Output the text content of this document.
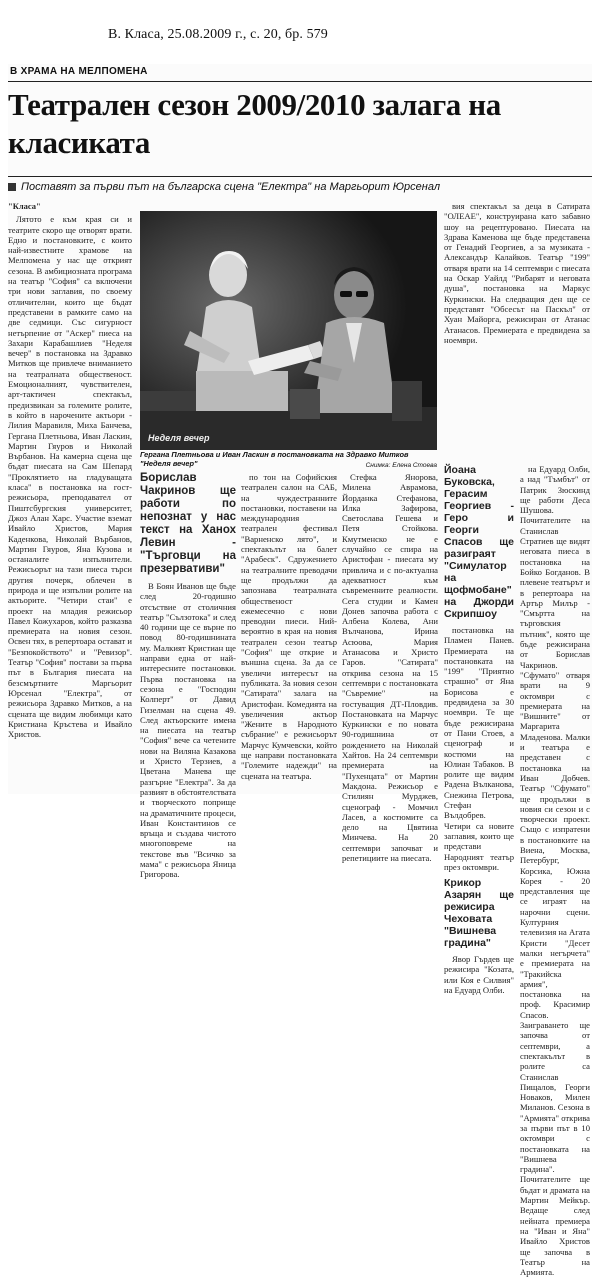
В. Класа, 25.08.2009 г., с. 20, бр. 579
В ХРАМА НА МЕЛПОМЕНА
Театрален сезон 2009/2010 залага на класиката
Поставят за първи път на българска сцена "Електра" на Маргьорит Юрсенал
"Класа"

Лятото е към края си и театрите скоро ще отворят врати. Едно и постановките, с които най-известните храмове на Мелпомена у нас ще открият сезона. В амбициозната програма на театър "София" са включени три нови заглавия, по своему отличителни, които ще бъдат представени в рамките само на две седмици. Със сигурност нетърпение от "Аскер" пиеса на Захари Карабашлиев "Неделя вечер" в постановка на Здравко Митков ще привлече вниманието на театралната общественост. Емоционалният, чувствителен, арт-тактичен спектакъл, предизвикан за големите ролите, в който в нарочените актьори - Лилия Маравиля, Миха Банчева, Гергана Плетньова, Иван Ласкин, Мартин Гяуров и Николай Върбанов. На камерна сцена ще бъдат пиесата на Сам Шепард "Проклятието на гладуващата класа" в постановка на гост-режисьора, преподавател от Пиштсбургския университет, Джоз Алан Харс. Участие вземат Ивайло Христов, Мария Каденкова, Николай Върбанов, Мартин Гяуров, Яна Кузова и останалите изпълнители. Режисьорът на тази пиеса търси другия почерк, облечен в природа и ще изпълни ролите на актьорите. "Четири стаи" е проект на младия режисьор Павел Кожухаров, който разказва премиерата на новия сезон. Освен тях, в репертоара остават и "Безпокойството" и "Ревизор". Театър "София" постави за първа път в България пиесата на безсмъртните Маргьорит Юрсенал "Електра", от режисьора Здравко Митков, а на сцената ще видим любимци като Кристиана Кръстева и Ивайло Христов.

Неделя вечер
Гергана Плетньова и Иван Ласкин в постановката на Здравко Митков "Неделя вечер"	Снимка: Елена Стоева
Борислав Чакринов ще работи по непознат у нас текст на Ханох Левин - "Търговци на презервативи"

В Боян Иванов ще бъде след 20-годишно отсъствие от столичния театър "Сълзотока" и след 40 години ще се върне по повод 80-годишнината му. Малкият Кристиан ще направи една от най-интересните постановки. Първа постановка на сезона е "Господин Колперт" от Давид Гизелман на сцена 49. След актьорските имена на пиесата на театър "София" вече са четените нови на Виляна Казакова и Христо Терзиев, а Цветана Манева ще разгърне "Електра". За да развият в обстоятелствата и творческото поприще на драматичните процеси, Иван Константинов се връща и създава чистото многоповреме на текстове във "Всичко за мама" с режисьора Яница Григорова.

по тон на Софийския театрален салон на САБ, на чуждестранните постановки, поставени на международния театрален фестивал "Варненско лято", и спектакълът на балет "Арабеск". Сдружението на театралните преводачи ще продължи да запознава театралната общественост ежемесечно с нови преводни пиеси. Ний-вероятно в края на новия театрален сезон театър "София" ще открие и външна сцена. За да се увеличи интересът на публиката. За новия сезон "Сатирата" залага на Аристофан. Комедията на увеличения актьор "Жените в Народното събрание" е режисьорът Марчус Кумчевски, който ще направи постановката "Големите надежди" на сцената на театъра.

Стефка Янорова, Милена Аврамова, Йорданка Стефанова, Илка Зафирова, Светослава Гешева и Петя Стойкова. Кмутменско не е случайно се спира на Аристофан - пиесата му привлича и с по-актуална адекватност към съвременните реалности. Сега студии и Камен Донев започва работа с Албена Колева, Ани Вълчанова, Ирина Асюова, Мария Атанасова и Христо Гаров. "Сатирата" открива сезона на 15 септември с постановката "Съвремие" на гостуващия ДТ-Пловдив. Постановката на Марчус Куркински е по новата 90-годишнина от рождението на Николай Хайтов. На 24 септември премиерата на "Пухенцата" от Мартин Макдона. Режисьор е Стилиян Мурджев, сценограф - Момчил Ласев, а костюмите са дело на Цвятина Минчева. На 20 септември започват и репетициите на пиесата.

вия спектакъл за деца в Сатирата "ОЛЕАЕ", конструирана като забавно шоу на рецептуровано. Пиесата на Здрава Каменова ще бъде представена от Генадий Георгиев, а за музиката - Александър Калайков. Театър "199" отваря врати на 14 септември с пиесата на Оскар Уайлд "Рибарят и неговата душа", постановка на Маркус Куркински. На следващия ден ще се представят "Обсесът на Паскъл" от Хуан Майорга, режисиран от Атанас Атанасов. Премиерата е предвидена за ноември.

Йоана Буковска, Герасим Георгиев - Геро и Георги Спасов ще разиграят "Симулатор на щофмобане" на Джорди Скрипшоу

постановка на Пламен Панев. Премиерата на постановката на "199" "Приятно страшно" от Яна Борисова е предвидена за 30 ноември. Те ще бъде режисиранa от Пани Стоев, а сценограф и костюми на Юлиан Табаков. В ролите ще видим Радена Вълканова, Снежина Петрова, Стефан Вълдобрев. Четири са новите заглавия, които ще представи Народният театър през октомври.

Крикор Азарян ще режисира Чеховата "Вишнева градина"

Явор Гърдев ще режисира "Козата, или Коя е Силвия" на Едуард Олби.

на Едуард Олби, а над "Тъмбът" от Патрик Зюскинд ще работи Деса Шушова. Почитателите на Станислав Стратиев ще видят неговата пиеса в постановка на Бойко Богданов. В плевене театърът и в репертоара на Артър Милър - "Смъртта на търговския пътник", която ще бъде режисирана от Борислав Чакринов. "Сфумато" отваря врати на 9 октомври с премиерата на "Вишните" от Маргарита Младенова. Малки и театъра е представен с постановка на Иван Добчев. Театър "Сфумато" ще продължи в новия си сезон и с творчески проект. Също с изпратени в постановките на Виена, Москва, Петербург, Корсика, Южна Корея - 20 представления ще се играят на нарочни сцени. Културния телевизия на Агата Кристи "Десет малки негърчета" е премиерата на "Тракийска армия", постановка на проф. Красимир Спасов. Заиграването ще започва от септември, а спектакълът в ролите са Станислав Пищалов, Георги Новаков, Милен Миланов. Сезона в "Армията" открива за първи път в 10 октомври с постановката на "Вишнева градина". Почитателите ще бъдат и драмата на Мартин Мейкър. Ведаще след нейната премиера на "Иван и Яна" Ивайло Христов ще започва в Театър на Армията.
